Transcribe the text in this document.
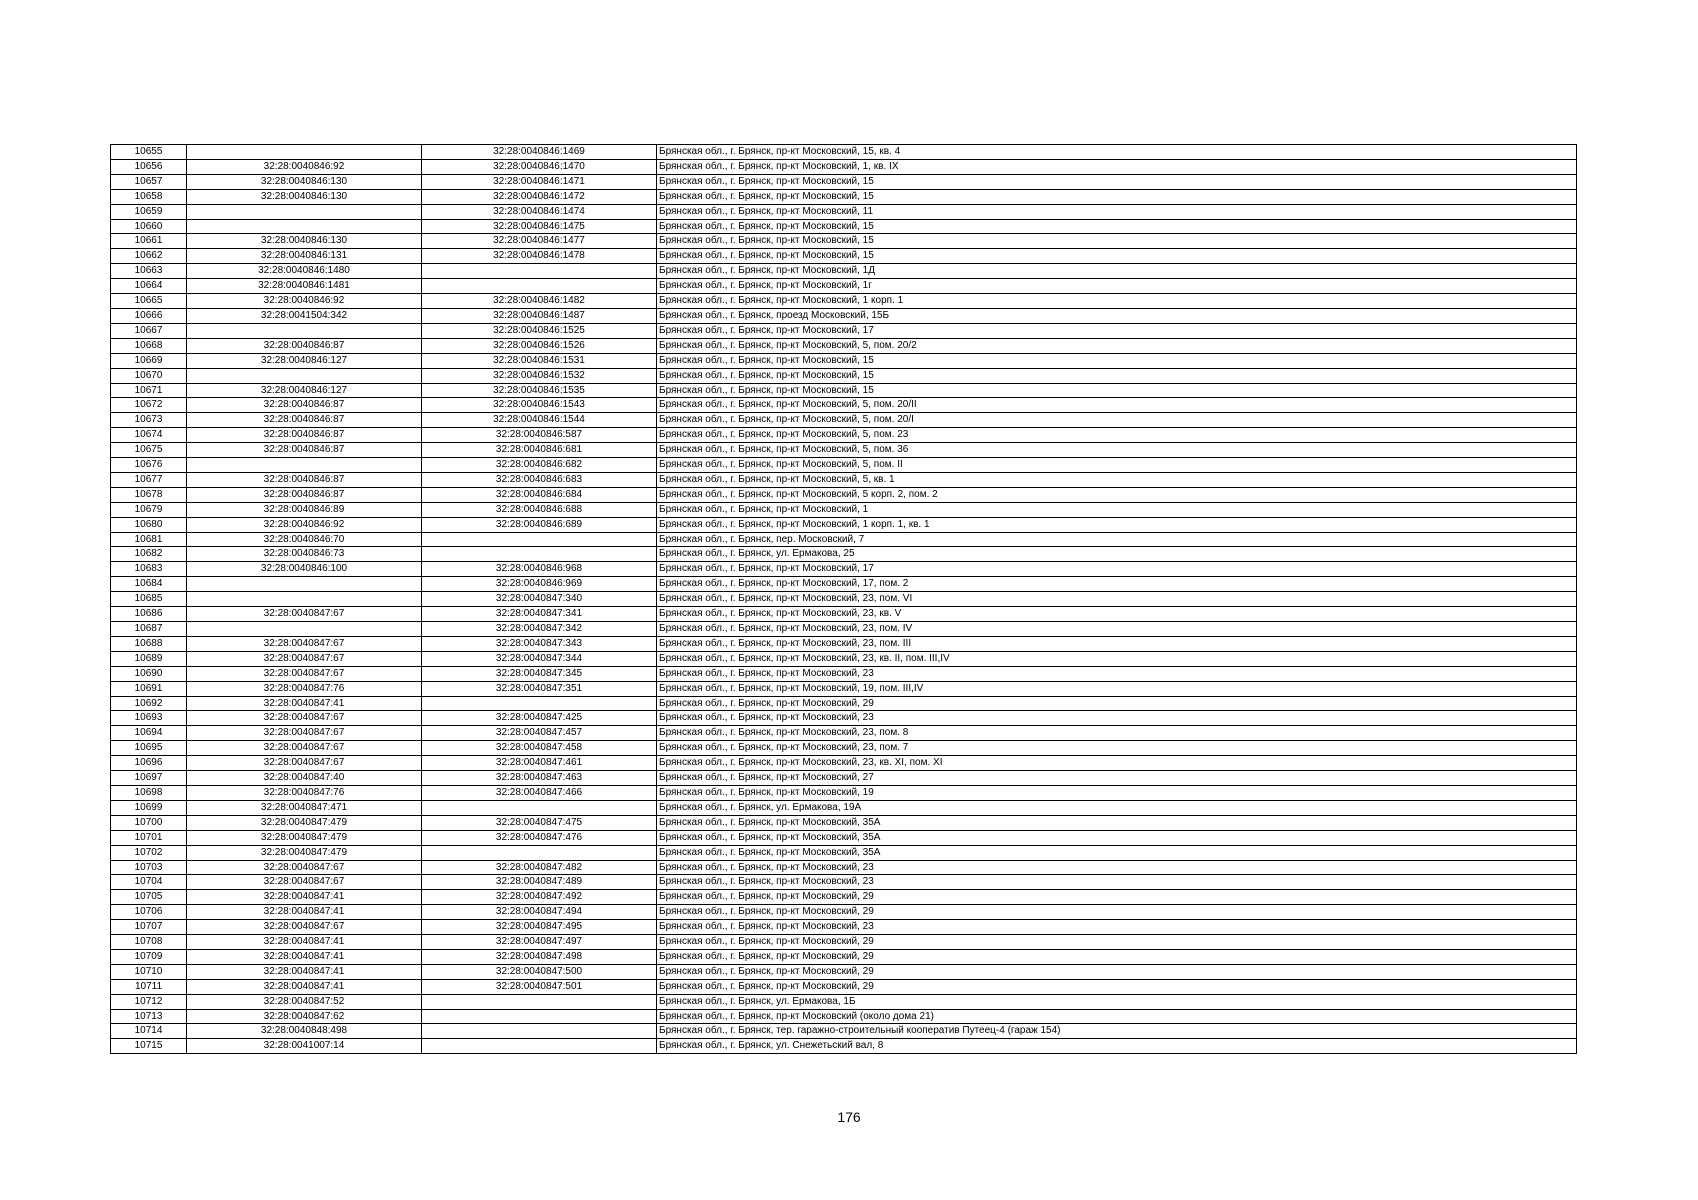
10655		32:28:0040846:1469	Брянская обл., г. Брянск, пр-кт Московский, 15, кв. 4
10656	32:28:0040846:92	32:28:0040846:1470	Брянская обл., г. Брянск, пр-кт Московский, 1, кв. IX
10657	32:28:0040846:130	32:28:0040846:1471	Брянская обл., г. Брянск, пр-кт Московский, 15
10658	32:28:0040846:130	32:28:0040846:1472	Брянская обл., г. Брянск, пр-кт Московский, 15
10659		32:28:0040846:1474	Брянская обл., г. Брянск, пр-кт Московский, 11
10660		32:28:0040846:1475	Брянская обл., г. Брянск, пр-кт Московский, 15
10661	32:28:0040846:130	32:28:0040846:1477	Брянская обл., г. Брянск, пр-кт Московский, 15
10662	32:28:0040846:131	32:28:0040846:1478	Брянская обл., г. Брянск, пр-кт Московский, 15
10663	32:28:0040846:1480		Брянская обл., г. Брянск, пр-кт Московский, 1Д
10664	32:28:0040846:1481		Брянская обл., г. Брянск, пр-кт Московский, 1г
10665	32:28:0040846:92	32:28:0040846:1482	Брянская обл., г. Брянск, пр-кт Московский, 1 корп. 1
10666	32:28:0041504:342	32:28:0040846:1487	Брянская обл., г. Брянск, проезд Московский, 15Б
10667		32:28:0040846:1525	Брянская обл., г. Брянск, пр-кт Московский, 17
10668	32:28:0040846:87	32:28:0040846:1526	Брянская обл., г. Брянск, пр-кт Московский, 5, пом. 20/2
10669	32:28:0040846:127	32:28:0040846:1531	Брянская обл., г. Брянск, пр-кт Московский, 15
10670		32:28:0040846:1532	Брянская обл., г. Брянск, пр-кт Московский, 15
10671	32:28:0040846:127	32:28:0040846:1535	Брянская обл., г. Брянск, пр-кт Московский, 15
10672	32:28:0040846:87	32:28:0040846:1543	Брянская обл., г. Брянск, пр-кт Московский, 5, пом. 20/II
10673	32:28:0040846:87	32:28:0040846:1544	Брянская обл., г. Брянск, пр-кт Московский, 5, пом. 20/I
10674	32:28:0040846:87	32:28:0040846:587	Брянская обл., г. Брянск, пр-кт Московский, 5, пом. 23
10675	32:28:0040846:87	32:28:0040846:681	Брянская обл., г. Брянск, пр-кт Московский, 5, пом. 36
10676		32:28:0040846:682	Брянская обл., г. Брянск, пр-кт Московский, 5, пом. II
10677	32:28:0040846:87	32:28:0040846:683	Брянская обл., г. Брянск, пр-кт Московский, 5, кв. 1
10678	32:28:0040846:87	32:28:0040846:684	Брянская обл., г. Брянск, пр-кт Московский, 5 корп. 2, пом. 2
10679	32:28:0040846:89	32:28:0040846:688	Брянская обл., г. Брянск, пр-кт Московский, 1
10680	32:28:0040846:92	32:28:0040846:689	Брянская обл., г. Брянск, пр-кт Московский, 1 корп. 1, кв. 1
10681	32:28:0040846:70		Брянская обл., г. Брянск, пер. Московский, 7
10682	32:28:0040846:73		Брянская обл., г. Брянск, ул. Ермакова, 25
10683	32:28:0040846:100	32:28:0040846:968	Брянская обл., г. Брянск, пр-кт Московский, 17
10684		32:28:0040846:969	Брянская обл., г. Брянск, пр-кт Московский, 17, пом. 2
10685		32:28:0040847:340	Брянская обл., г. Брянск, пр-кт Московский, 23, пом. VI
10686	32:28:0040847:67	32:28:0040847:341	Брянская обл., г. Брянск, пр-кт Московский, 23, кв. V
10687		32:28:0040847:342	Брянская обл., г. Брянск, пр-кт Московский, 23, пом. IV
10688	32:28:0040847:67	32:28:0040847:343	Брянская обл., г. Брянск, пр-кт Московский, 23, пом. III
10689	32:28:0040847:67	32:28:0040847:344	Брянская обл., г. Брянск, пр-кт Московский, 23, кв. II, пом. III,IV
10690	32:28:0040847:67	32:28:0040847:345	Брянская обл., г. Брянск, пр-кт Московский, 23
10691	32:28:0040847:76	32:28:0040847:351	Брянская обл., г. Брянск, пр-кт Московский, 19, пом. III,IV
10692	32:28:0040847:41		Брянская обл., г. Брянск, пр-кт Московский, 29
10693	32:28:0040847:67	32:28:0040847:425	Брянская обл., г. Брянск, пр-кт Московский, 23
10694	32:28:0040847:67	32:28:0040847:457	Брянская обл., г. Брянск, пр-кт Московский, 23, пом. 8
10695	32:28:0040847:67	32:28:0040847:458	Брянская обл., г. Брянск, пр-кт Московский, 23, пом. 7
10696	32:28:0040847:67	32:28:0040847:461	Брянская обл., г. Брянск, пр-кт Московский, 23, кв. XI, пом. XI
10697	32:28:0040847:40	32:28:0040847:463	Брянская обл., г. Брянск, пр-кт Московский, 27
10698	32:28:0040847:76	32:28:0040847:466	Брянская обл., г. Брянск, пр-кт Московский, 19
10699	32:28:0040847:471		Брянская обл., г. Брянск, ул. Ермакова, 19А
10700	32:28:0040847:479	32:28:0040847:475	Брянская обл., г. Брянск, пр-кт Московский, 35А
10701	32:28:0040847:479	32:28:0040847:476	Брянская обл., г. Брянск, пр-кт Московский, 35А
10702	32:28:0040847:479		Брянская обл., г. Брянск, пр-кт Московский, 35А
10703	32:28:0040847:67	32:28:0040847:482	Брянская обл., г. Брянск, пр-кт Московский, 23
10704	32:28:0040847:67	32:28:0040847:489	Брянская обл., г. Брянск, пр-кт Московский, 23
10705	32:28:0040847:41	32:28:0040847:492	Брянская обл., г. Брянск, пр-кт Московский, 29
10706	32:28:0040847:41	32:28:0040847:494	Брянская обл., г. Брянск, пр-кт Московский, 29
10707	32:28:0040847:67	32:28:0040847:495	Брянская обл., г. Брянск, пр-кт Московский, 23
10708	32:28:0040847:41	32:28:0040847:497	Брянская обл., г. Брянск, пр-кт Московский, 29
10709	32:28:0040847:41	32:28:0040847:498	Брянская обл., г. Брянск, пр-кт Московский, 29
10710	32:28:0040847:41	32:28:0040847:500	Брянская обл., г. Брянск, пр-кт Московский, 29
10711	32:28:0040847:41	32:28:0040847:501	Брянская обл., г. Брянск, пр-кт Московский, 29
10712	32:28:0040847:52		Брянская обл., г. Брянск, ул. Ермакова, 1Б
10713	32:28:0040847:62		Брянская обл., г. Брянск, пр-кт Московский (около дома 21)
10714	32:28:0040848:498		Брянская обл., г. Брянск, тер. гаражно-строительный кооператив Путеец-4 (гараж 154)
10715	32:28:0041007:14		Брянская обл., г. Брянск, ул. Снежетьский вал, 8
176
